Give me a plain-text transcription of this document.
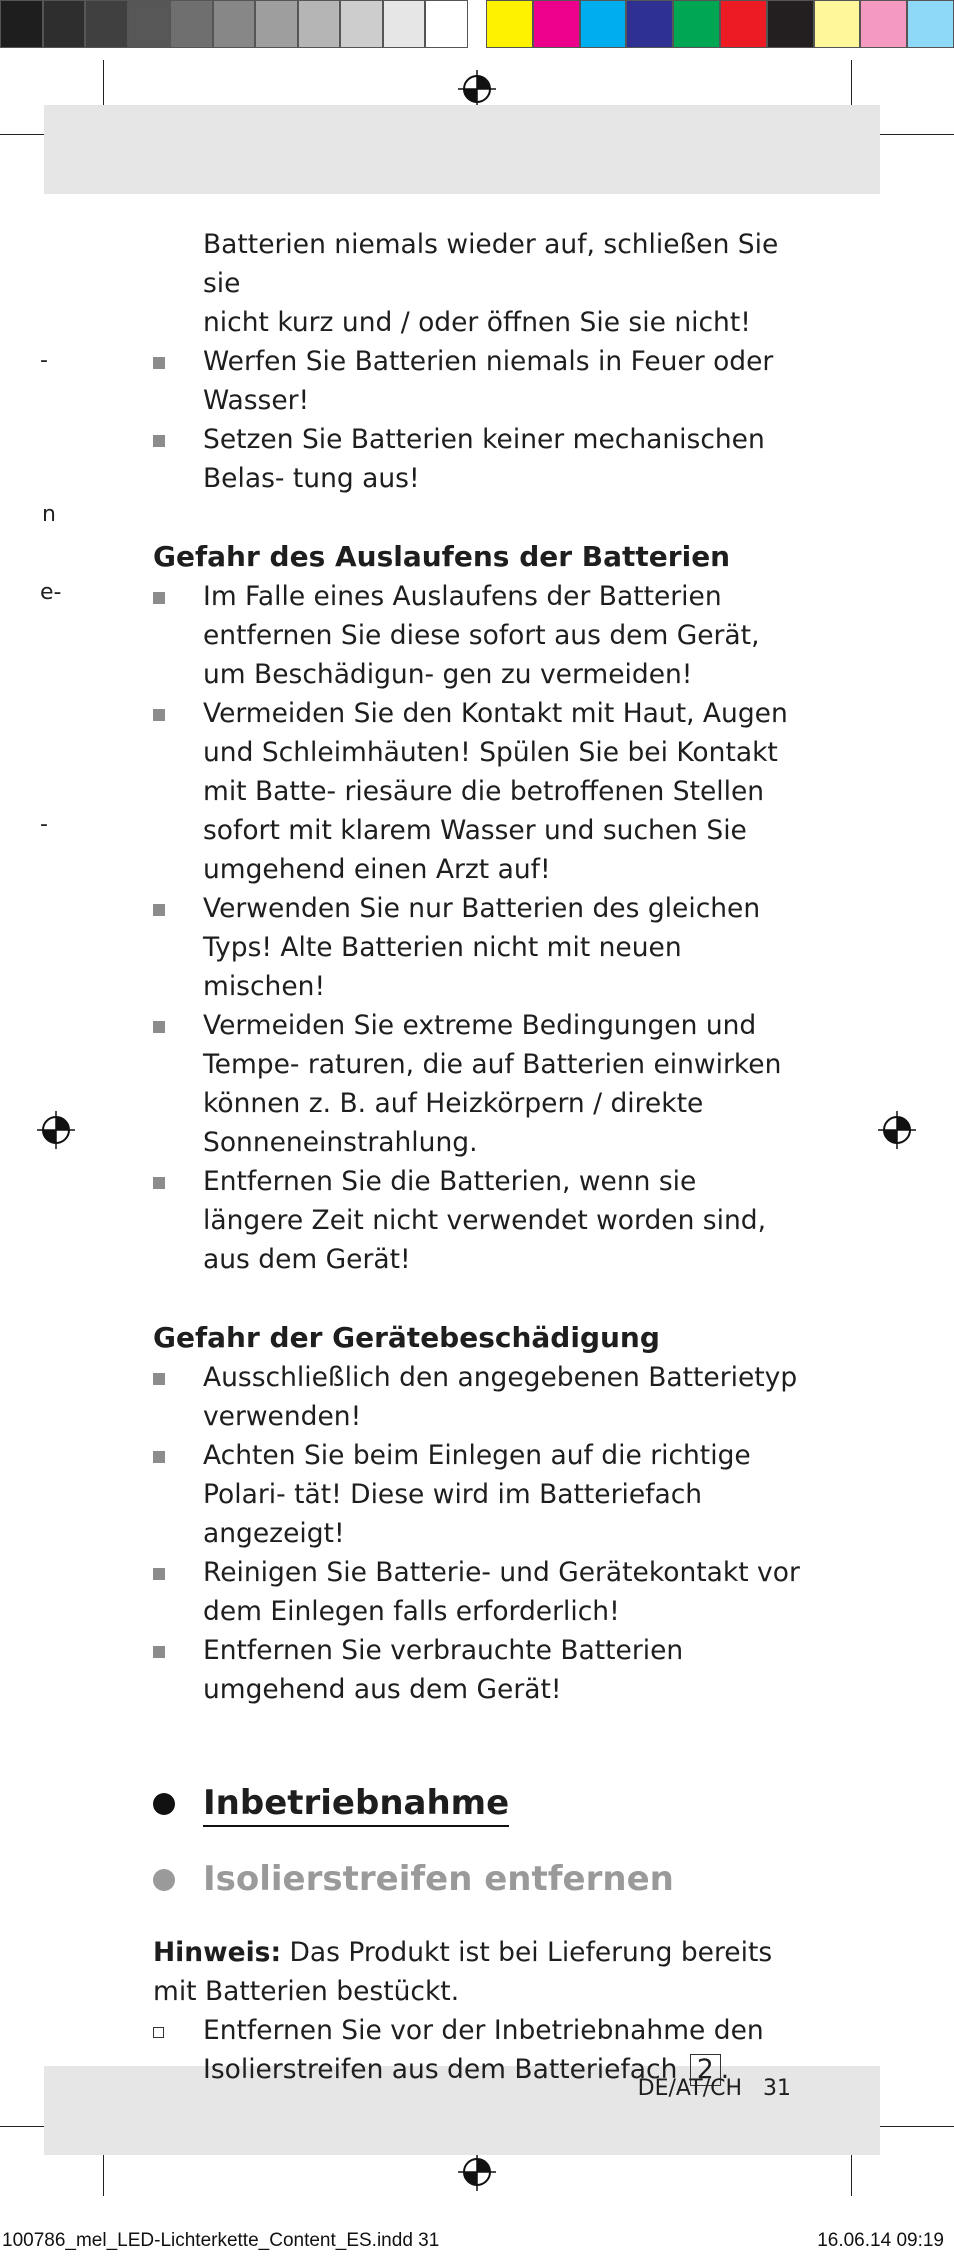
-
n
e-
-
Batterien niemals wieder auf, schließen Sie sie
nicht kurz und / oder öffnen Sie sie nicht!
Werfen Sie Batterien niemals in Feuer oder Wasser!
Setzen Sie Batterien keiner mechanischen Belas- tung aus!
Gefahr des Auslaufens der Batterien
Im Falle eines Auslaufens der Batterien entfernen Sie diese sofort aus dem Gerät, um Beschädigun- gen zu vermeiden!
Vermeiden Sie den Kontakt mit Haut, Augen und Schleimhäuten! Spülen Sie bei Kontakt mit Batte- riesäure die betroffenen Stellen sofort mit klarem Wasser und suchen Sie umgehend einen Arzt auf!
Verwenden Sie nur Batterien des gleichen Typs! Alte Batterien nicht mit neuen mischen!
Vermeiden Sie extreme Bedingungen und Tempe- raturen, die auf Batterien einwirken können z. B. auf Heizkörpern / direkte Sonneneinstrahlung.
Entfernen Sie die Batterien, wenn sie längere Zeit nicht verwendet worden sind, aus dem Gerät!
Gefahr der Gerätebeschädigung
Ausschließlich den angegebenen Batterietyp verwenden!
Achten Sie beim Einlegen auf die richtige Polari- tät! Diese wird im Batteriefach angezeigt!
Reinigen Sie Batterie- und Gerätekontakt vor dem Einlegen falls erforderlich!
Entfernen Sie verbrauchte Batterien umgehend aus dem Gerät!
Inbetriebnahme
Isolierstreifen entfernen
Hinweis: Das Produkt ist bei Lieferung bereits mit Batterien bestückt.
Entfernen Sie vor der Inbetriebnahme den Isolierstreifen aus dem Batteriefach 2 .
DE/AT/CH 31
100786_mel_LED-Lichterkette_Content_ES.indd 31	16.06.14 09:19
